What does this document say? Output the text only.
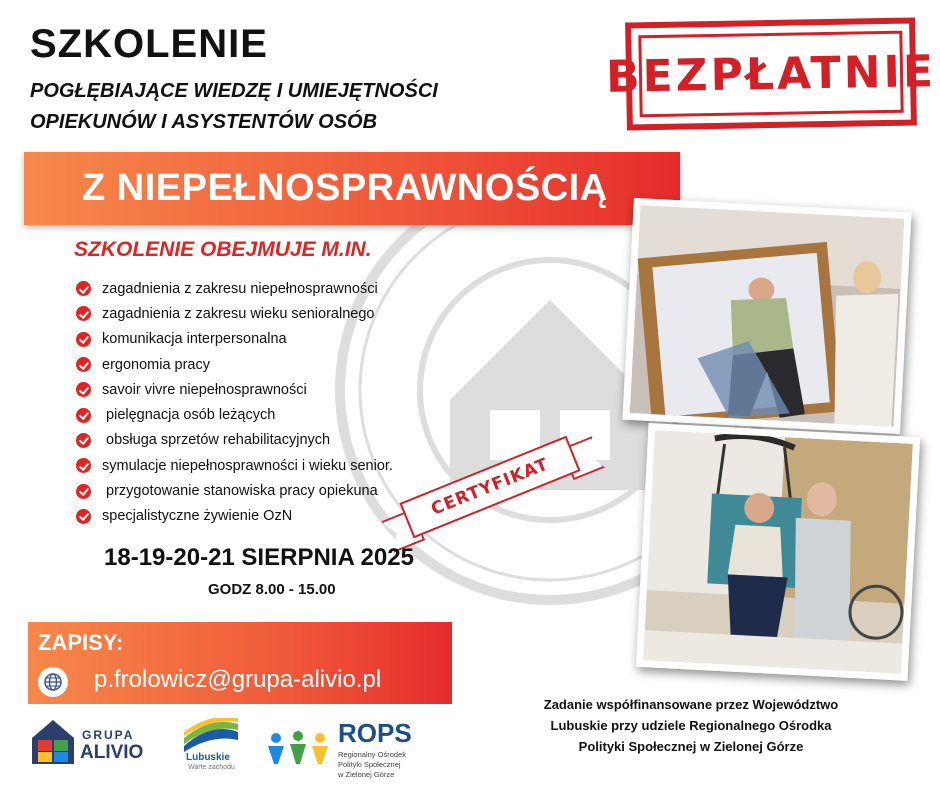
SZKOLENIE
POGŁĘBIAJĄCE WIEDZĘ I UMIEJĘTNOŚCI
OPIEKUNÓW I ASYSTENTÓW OSÓB
BEZPŁATNIE
Z NIEPEŁNOSPRAWNOŚCIĄ
SZKOLENIE OBEJMUJE M.IN.
zagadnienia z zakresu niepełnosprawności
zagadnienia z zakresu wieku senioralnego
komunikacja interpersonalna
ergonomia pracy
savoir vivre niepełnosprawności
pielęgnacja osób leżących
obsługa sprzetów rehabilitacyjnych
symulacje niepełnosprawności i wieku senior.
przygotowanie stanowiska pracy opiekuna
specjalistyczne żywienie OzN	CERTYFIKAT
18-19-20-21 SIERPNIA 2025
GODZ 8.00 - 15.00
ZAPISY:
p.frolowicz@grupa-alivio.pl
GRUPA
ALIVIO	Lubuskie
Warte zachodu
ROPS
Regionalny Ośrodek
Polityki Społecznej
w Zielonej Górze
Zadanie współfinansowane przez Województwo
Lubuskie przy udziele Regionalnego Ośrodka
Polityki Społecznej w Zielonej Górze
